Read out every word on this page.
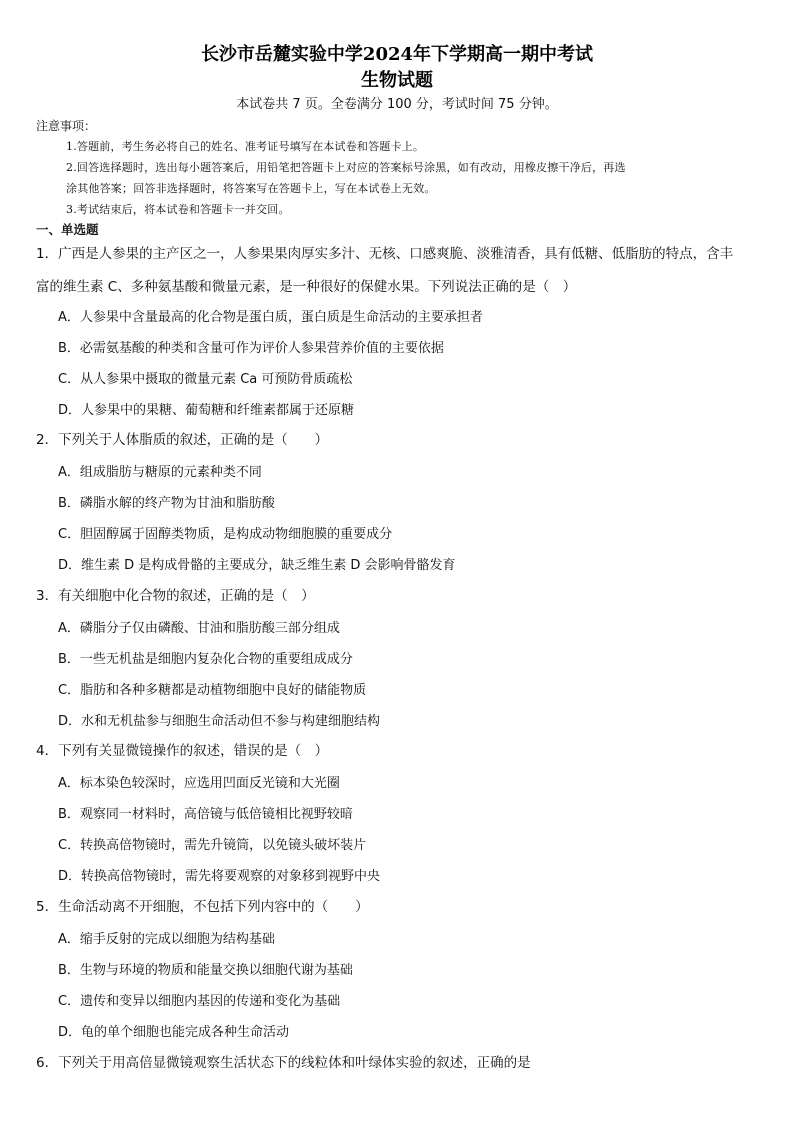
长沙市岳麓实验中学2024年下学期高一期中考试
生物试题
本试卷共 7 页。全卷满分 100 分，考试时间 75 分钟。
注意事项：
1.答题前，考生务必将自己的姓名、准考证号填写在本试卷和答题卡上。
2.回答选择题时，选出每小题答案后，用铅笔把答题卡上对应的答案标号涂黑，如有改动，用橡皮擦干净后，再选
涂其他答案；回答非选择题时，将答案写在答题卡上，写在本试卷上无效。
3.考试结束后，将本试卷和答题卡一并交回。
一、单选题
1．广西是人参果的主产区之一，人参果果肉厚实多汁、无核、口感爽脆、淡雅清香，具有低糖、低脂肪的特点，含丰
富的维生素 C、多种氨基酸和微量元素，是一种很好的保健水果。下列说法正确的是（　）
A．人参果中含量最高的化合物是蛋白质，蛋白质是生命活动的主要承担者
B．必需氨基酸的种类和含量可作为评价人参果营养价值的主要依据
C．从人参果中摄取的微量元素 Ca 可预防骨质疏松
D．人参果中的果糖、葡萄糖和纤维素都属于还原糖
2．下列关于人体脂质的叙述，正确的是（　　）
A．组成脂肪与糖原的元素种类不同
B．磷脂水解的终产物为甘油和脂肪酸
C．胆固醇属于固醇类物质，是构成动物细胞膜的重要成分
D．维生素 D 是构成骨骼的主要成分，缺乏维生素 D 会影响骨骼发育
3．有关细胞中化合物的叙述，正确的是（　）
A．磷脂分子仅由磷酸、甘油和脂肪酸三部分组成
B．一些无机盐是细胞内复杂化合物的重要组成成分
C．脂肪和各种多糖都是动植物细胞中良好的储能物质
D．水和无机盐参与细胞生命活动但不参与构建细胞结构
4．下列有关显微镜操作的叙述，错误的是（　）
A．标本染色较深时，应选用凹面反光镜和大光圈
B．观察同一材料时，高倍镜与低倍镜相比视野较暗
C．转换高倍物镜时，需先升镜筒，以免镜头破坏装片
D．转换高倍物镜时，需先将要观察的对象移到视野中央
5．生命活动离不开细胞，不包括下列内容中的（　　）
A．缩手反射的完成以细胞为结构基础
B．生物与环境的物质和能量交换以细胞代谢为基础
C．遗传和变异以细胞内基因的传递和变化为基础
D．龟的单个细胞也能完成各种生命活动
6．下列关于用高倍显微镜观察生活状态下的线粒体和叶绿体实验的叙述，正确的是
